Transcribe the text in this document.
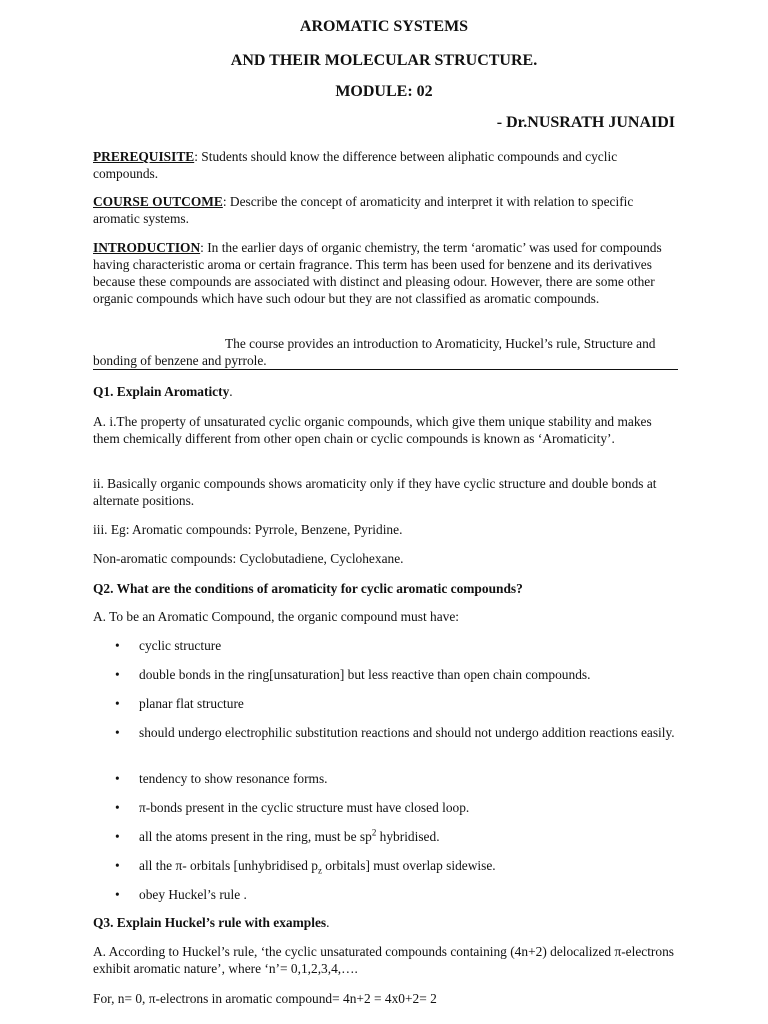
AROMATIC SYSTEMS
AND THEIR MOLECULAR STRUCTURE.
MODULE: 02
- Dr.NUSRATH JUNAIDI

PREREQUISITE: Students should know the difference between aliphatic compounds and cyclic compounds.

COURSE OUTCOME: Describe the concept of aromaticity and interpret it with relation to specific aromatic systems.

INTRODUCTION: In the earlier days of organic chemistry, the term ‘aromatic’ was used for compounds having characteristic aroma or certain fragrance. This term has been used for benzene and its derivatives because these compounds are associated with distinct and pleasing odour. However, there are some other organic compounds which have such odour but they are not classified as aromatic compounds.

The course provides an introduction to Aromaticity, Huckel’s rule, Structure and bonding of benzene and pyrrole.

Q1. Explain Aromaticty.

A. i.The property of unsaturated cyclic organic compounds, which give them unique stability and makes them chemically different from other open chain or cyclic compounds is known as ‘Aromaticity’.

ii. Basically organic compounds shows aromaticity only if they have cyclic structure and double bonds at alternate positions.

iii. Eg: Aromatic compounds: Pyrrole, Benzene, Pyridine.

Non-aromatic compounds: Cyclobutadiene, Cyclohexane.

Q2. What are the conditions of aromaticity for cyclic aromatic compounds?

A. To be an Aromatic Compound, the organic compound must have:

• cyclic structure
• double bonds in the ring[unsaturation] but less reactive than open chain compounds.
• planar flat structure
• should undergo electrophilic substitution reactions and should not undergo addition reactions easily.
• tendency to show resonance forms.
• π-bonds present in the cyclic structure must have closed loop.
• all the atoms present in the ring, must be $sp^2$ hybridised.
• all the π- orbitals [unhybridised $p_z$ orbitals] must overlap sidewise.
• obey Huckel’s rule .

Q3. Explain Huckel’s rule with examples.

A. According to Huckel’s rule, ‘the cyclic unsaturated compounds containing (4n+2) delocalized π-electrons exhibit aromatic nature’, where ‘n’= 0,1,2,3,4,….

For, n= 0, π-electrons in aromatic compound= 4n+2 = 4x0+2= 2
